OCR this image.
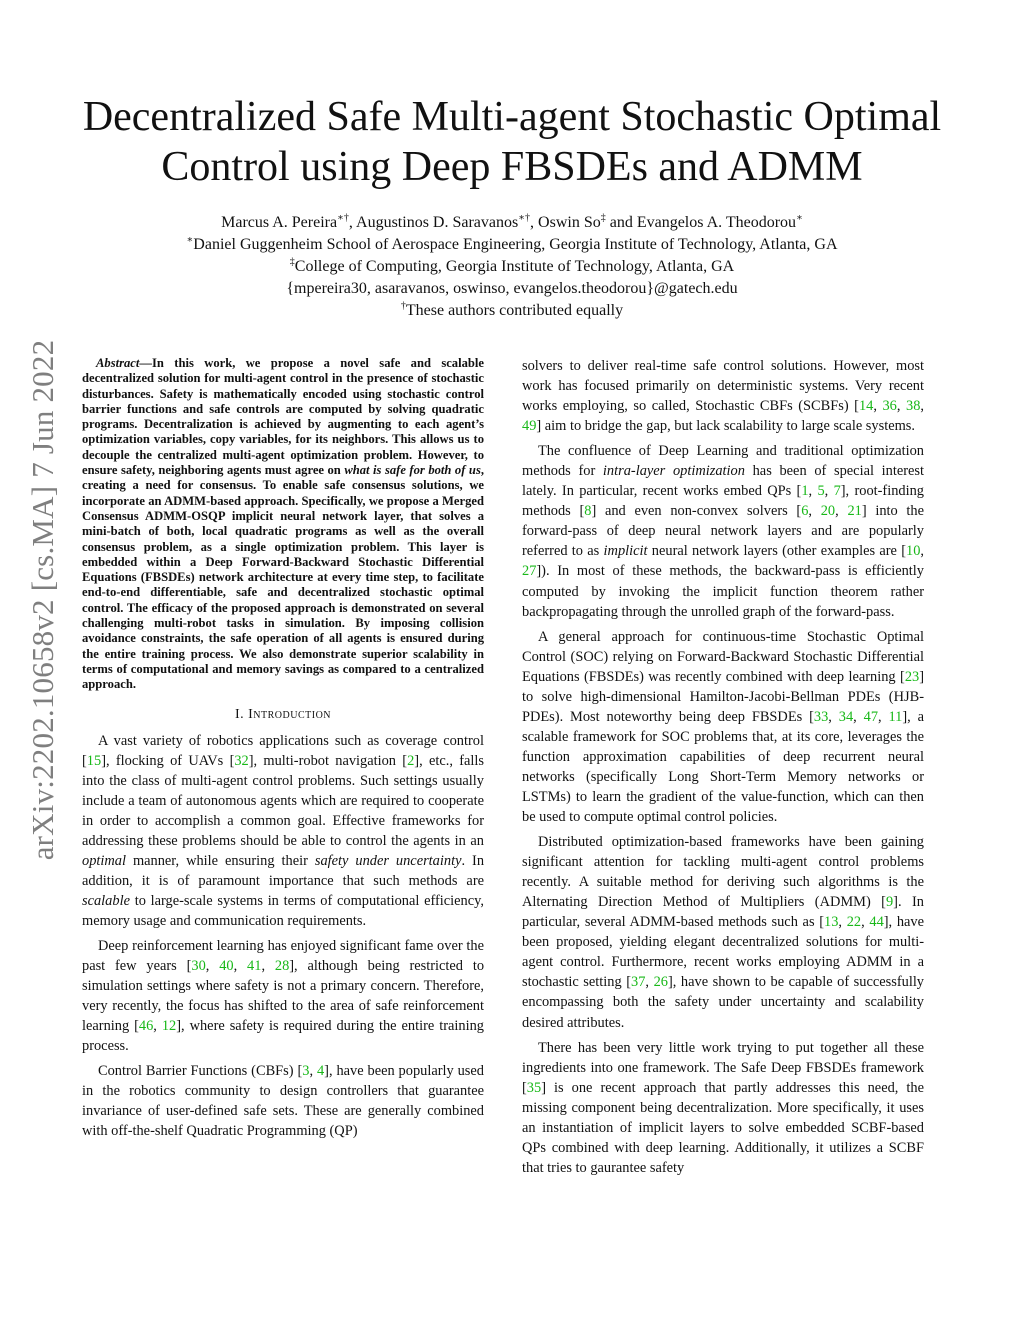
arXiv:2202.10658v2 [cs.MA] 7 Jun 2022
Decentralized Safe Multi-agent Stochastic Optimal Control using Deep FBSDEs and ADMM
Marcus A. Pereira∗†, Augustinos D. Saravanos∗†, Oswin So‡ and Evangelos A. Theodorou∗
∗Daniel Guggenheim School of Aerospace Engineering, Georgia Institute of Technology, Atlanta, GA
‡College of Computing, Georgia Institute of Technology, Atlanta, GA
{mpereira30, asaravanos, oswinso, evangelos.theodorou}@gatech.edu
†These authors contributed equally

Abstract—In this work, we propose a novel safe and scalable decentralized solution for multi-agent control in the presence of stochastic disturbances. Safety is mathematically encoded using stochastic control barrier functions and safe controls are computed by solving quadratic programs. Decentralization is achieved by augmenting to each agent’s optimization variables, copy variables, for its neighbors. This allows us to decouple the centralized multi-agent optimization problem. However, to ensure safety, neighboring agents must agree on what is safe for both of us, creating a need for consensus. To enable safe consensus solutions, we incorporate an ADMM-based approach. Specifically, we propose a Merged Consensus ADMM-OSQP implicit neural network layer, that solves a mini-batch of both, local quadratic programs as well as the overall consensus problem, as a single optimization problem. This layer is embedded within a Deep Forward-Backward Stochastic Differential Equations (FBSDEs) network architecture at every time step, to facilitate end-to-end differentiable, safe and decentralized stochastic optimal control. The efficacy of the proposed approach is demonstrated on several challenging multi-robot tasks in simulation. By imposing collision avoidance constraints, the safe operation of all agents is ensured during the entire training process. We also demonstrate superior scalability in terms of computational and memory savings as compared to a centralized approach.

I. Introduction

A vast variety of robotics applications such as coverage control [15], flocking of UAVs [32], multi-robot navigation [2], etc., falls into the class of multi-agent control problems. Such settings usually include a team of autonomous agents which are required to cooperate in order to accomplish a common goal. Effective frameworks for addressing these problems should be able to control the agents in an optimal manner, while ensuring their safety under uncertainty. In addition, it is of paramount importance that such methods are scalable to large-scale systems in terms of computational efficiency, memory usage and communication requirements.

Deep reinforcement learning has enjoyed significant fame over the past few years [30, 40, 41, 28], although being restricted to simulation settings where safety is not a primary concern. Therefore, very recently, the focus has shifted to the area of safe reinforcement learning [46, 12], where safety is required during the entire training process.

Control Barrier Functions (CBFs) [3, 4], have been popularly used in the robotics community to design controllers that guarantee invariance of user-defined safe sets. These are generally combined with off-the-shelf Quadratic Programming (QP)

solvers to deliver real-time safe control solutions. However, most work has focused primarily on deterministic systems. Very recent works employing, so called, Stochastic CBFs (SCBFs) [14, 36, 38, 49] aim to bridge the gap, but lack scalability to large scale systems.

The confluence of Deep Learning and traditional optimization methods for intra-layer optimization has been of special interest lately. In particular, recent works embed QPs [1, 5, 7], root-finding methods [8] and even non-convex solvers [6, 20, 21] into the forward-pass of deep neural network layers and are popularly referred to as implicit neural network layers (other examples are [10, 27]). In most of these methods, the backward-pass is efficiently computed by invoking the implicit function theorem rather backpropagating through the unrolled graph of the forward-pass.

A general approach for continuous-time Stochastic Optimal Control (SOC) relying on Forward-Backward Stochastic Differential Equations (FBSDEs) was recently combined with deep learning [23] to solve high-dimensional Hamilton-Jacobi-Bellman PDEs (HJB-PDEs). Most noteworthy being deep FBSDEs [33, 34, 47, 11], a scalable framework for SOC problems that, at its core, leverages the function approximation capabilities of deep recurrent neural networks (specifically Long Short-Term Memory networks or LSTMs) to learn the gradient of the value-function, which can then be used to compute optimal control policies.

Distributed optimization-based frameworks have been gaining significant attention for tackling multi-agent control problems recently. A suitable method for deriving such algorithms is the Alternating Direction Method of Multipliers (ADMM) [9]. In particular, several ADMM-based methods such as [13, 22, 44], have been proposed, yielding elegant decentralized solutions for multi-agent control. Furthermore, recent works employing ADMM in a stochastic setting [37, 26], have shown to be capable of successfully encompassing both the safety under uncertainty and scalability desired attributes.

There has been very little work trying to put together all these ingredients into one framework. The Safe Deep FBSDEs framework [35] is one recent approach that partly addresses this need, the missing component being decentralization. More specifically, it uses an instantiation of implicit layers to solve embedded SCBF-based QPs combined with deep learning. Additionally, it utilizes a SCBF that tries to gaurantee safety
